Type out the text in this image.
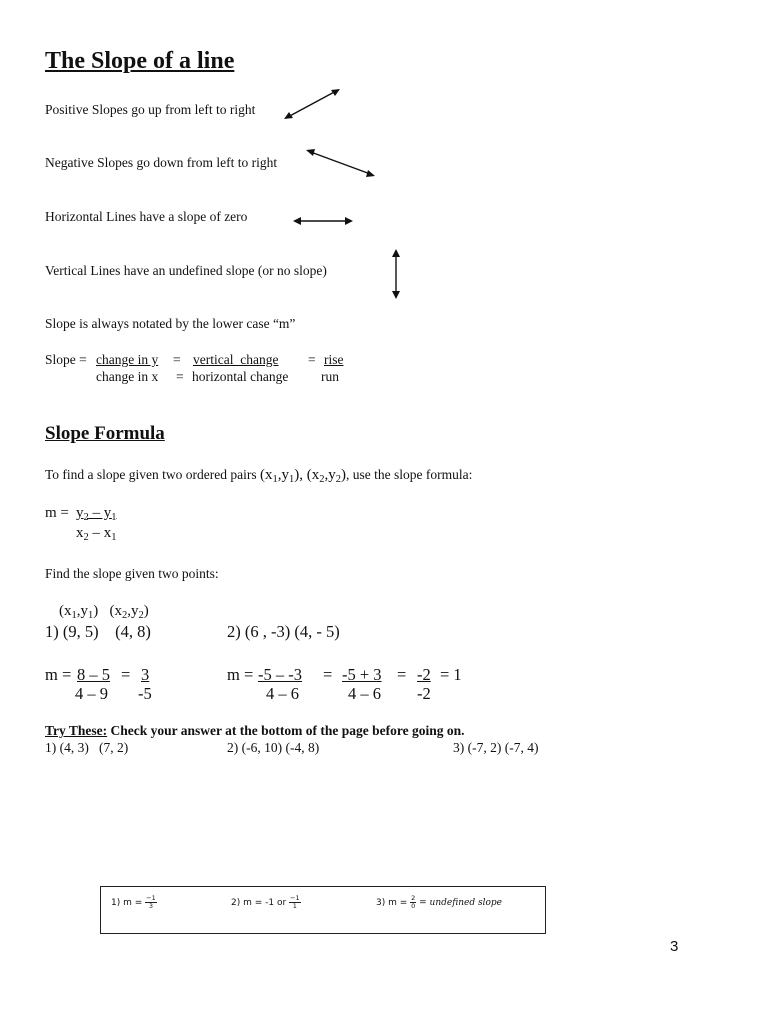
The Slope of a line
Positive Slopes go up from left to right
Negative Slopes go down from left to right
Horizontal Lines have a slope of zero
Vertical Lines have an undefined slope (or no slope)
Slope is always notated by the lower case “m”
Slope = change in y = vertical  change = rise
change in x = horizontal change run
Slope Formula
To find a slope given two ordered pairs $(x_1,y_1)$, $(x_2,y_2)$, use the slope formula:
$m = y_2 - y_1$
$x_2 - x_1$
Find the slope given two points:
$(x_1,y_1)$   $(x_2,y_2)$
1) (9, 5)    (4, 8)	2) (6 , -3) (4, - 5)
m = 8 – 5 = 3
4 – 9 -5
m = -5 – -3 = -5 + 3 = -2 = 1
4 – 6	4 – 6 -2
Try These: Check your answer at the bottom of the page before going on.
1) (4, 3)   (7, 2)	2) (-6, 10) (-4, 8)	3) (-7, 2) (-7, 4)
1) $m = \frac{-1}{3}$	2) m = -1 or $\frac{-1}{1}$	3) $m = \frac{2}{0}$ = undefined slope
3
